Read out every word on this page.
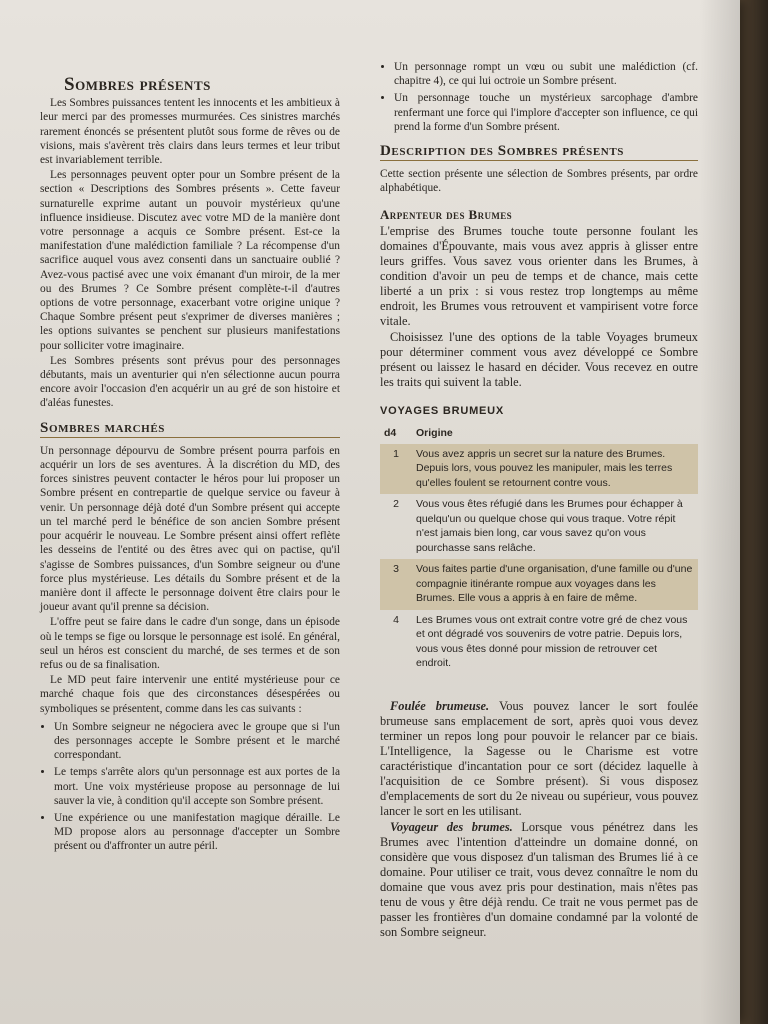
Sombres présents

Les Sombres puissances tentent les innocents et les ambitieux à leur merci par des promesses murmurées. Ces sinistres marchés rarement énoncés se présentent plutôt sous forme de rêves ou de visions, mais s'avèrent très clairs dans leurs termes et leur tribut est invariablement terrible.

Les personnages peuvent opter pour un Sombre présent de la section « Descriptions des Sombres présents ». Cette faveur surnaturelle exprime autant un pouvoir mystérieux qu'une influence insidieuse. Discutez avec votre MD de la manière dont votre personnage a acquis ce Sombre présent. Est-ce la manifestation d'une malédiction familiale ? La récompense d'un sacrifice auquel vous avez consenti dans un sanctuaire oublié ? Avez-vous pactisé avec une voix émanant d'un miroir, de la mer ou des Brumes ? Ce Sombre présent complète-t-il d'autres options de votre personnage, exacerbant votre origine unique ? Chaque Sombre présent peut s'exprimer de diverses manières ; les options suivantes se penchent sur plusieurs manifestations pour solliciter votre imaginaire.

Les Sombres présents sont prévus pour des personnages débutants, mais un aventurier qui n'en sélectionne aucun pourra encore avoir l'occasion d'en acquérir un au gré de son histoire et d'aléas funestes.

Sombres marchés

Un personnage dépourvu de Sombre présent pourra parfois en acquérir un lors de ses aventures. À la discrétion du MD, des forces sinistres peuvent contacter le héros pour lui proposer un Sombre présent en contrepartie de quelque service ou faveur à venir. Un personnage déjà doté d'un Sombre présent qui accepte un tel marché perd le bénéfice de son ancien Sombre présent pour acquérir le nouveau. Le Sombre présent ainsi offert reflète les desseins de l'entité ou des êtres avec qui on pactise, qu'il s'agisse de Sombres puissances, d'un Sombre seigneur ou d'une force plus mystérieuse. Les détails du Sombre présent et de la manière dont il affecte le personnage doivent être clairs pour le joueur avant qu'il prenne sa décision.

L'offre peut se faire dans le cadre d'un songe, dans un épisode où le temps se fige ou lorsque le personnage est isolé. En général, seul un héros est conscient du marché, de ses termes et de son refus ou de sa finalisation.

Le MD peut faire intervenir une entité mystérieuse pour ce marché chaque fois que des circonstances désespérées ou symboliques se présentent, comme dans les cas suivants :

• Un Sombre seigneur ne négociera avec le groupe que si l'un des personnages accepte le Sombre présent et le marché correspondant.
• Le temps s'arrête alors qu'un personnage est aux portes de la mort. Une voix mystérieuse propose au personnage de lui sauver la vie, à condition qu'il accepte son Sombre présent.
• Une expérience ou une manifestation magique déraille. Le MD propose alors au personnage d'accepter un Sombre présent ou d'affronter un autre péril.
• Un personnage rompt un vœu ou subit une malédiction (cf. chapitre 4), ce qui lui octroie un Sombre présent.
• Un personnage touche un mystérieux sarcophage d'ambre renfermant une force qui l'implore d'accepter son influence, ce qui prend la forme d'un Sombre présent.
Description des Sombres présents

Cette section présente une sélection de Sombres présents, par ordre alphabétique.

Arpenteur des Brumes

L'emprise des Brumes touche toute personne foulant les domaines d'Épouvante, mais vous avez appris à glisser entre leurs griffes. Vous savez vous orienter dans les Brumes, à condition d'avoir un peu de temps et de chance, mais cette liberté a un prix : si vous restez trop longtemps au même endroit, les Brumes vous retrouvent et vampirisent votre force vitale.

Choisissez l'une des options de la table Voyages brumeux pour déterminer comment vous avez développé ce Sombre présent ou laissez le hasard en décider. Vous recevez en outre les traits qui suivent la table.

VOYAGES BRUMEUX
d4	Origine
1	Vous avez appris un secret sur la nature des Brumes. Depuis lors, vous pouvez les manipuler, mais les terres qu'elles foulent se retournent contre vous.
2	Vous vous êtes réfugié dans les Brumes pour échapper à quelqu'un ou quelque chose qui vous traque. Votre répit n'est jamais bien long, car vous savez qu'on vous pourchasse sans relâche.
3	Vous faites partie d'une organisation, d'une famille ou d'une compagnie itinérante rompue aux voyages dans les Brumes. Elle vous a appris à en faire de même.
4	Les Brumes vous ont extrait contre votre gré de chez vous et ont dégradé vos souvenirs de votre patrie. Depuis lors, vous vous êtes donné pour mission de retrouver cet endroit.

Foulée brumeuse. Vous pouvez lancer le sort foulée brumeuse sans emplacement de sort, après quoi vous devez terminer un repos long pour pouvoir le relancer par ce biais. L'Intelligence, la Sagesse ou le Charisme est votre caractéristique d'incantation pour ce sort (décidez laquelle à l'acquisition de ce Sombre présent). Si vous disposez d'emplacements de sort du 2e niveau ou supérieur, vous pouvez lancer le sort en les utilisant.

Voyageur des brumes. Lorsque vous pénétrez dans les Brumes avec l'intention d'atteindre un domaine donné, on considère que vous disposez d'un talisman des Brumes lié à ce domaine. Pour utiliser ce trait, vous devez connaître le nom du domaine que vous avez pris pour destination, mais n'êtes pas tenu de vous y être déjà rendu. Ce trait ne vous permet pas de passer les frontières d'un domaine condamné par la volonté de son Sombre seigneur.
